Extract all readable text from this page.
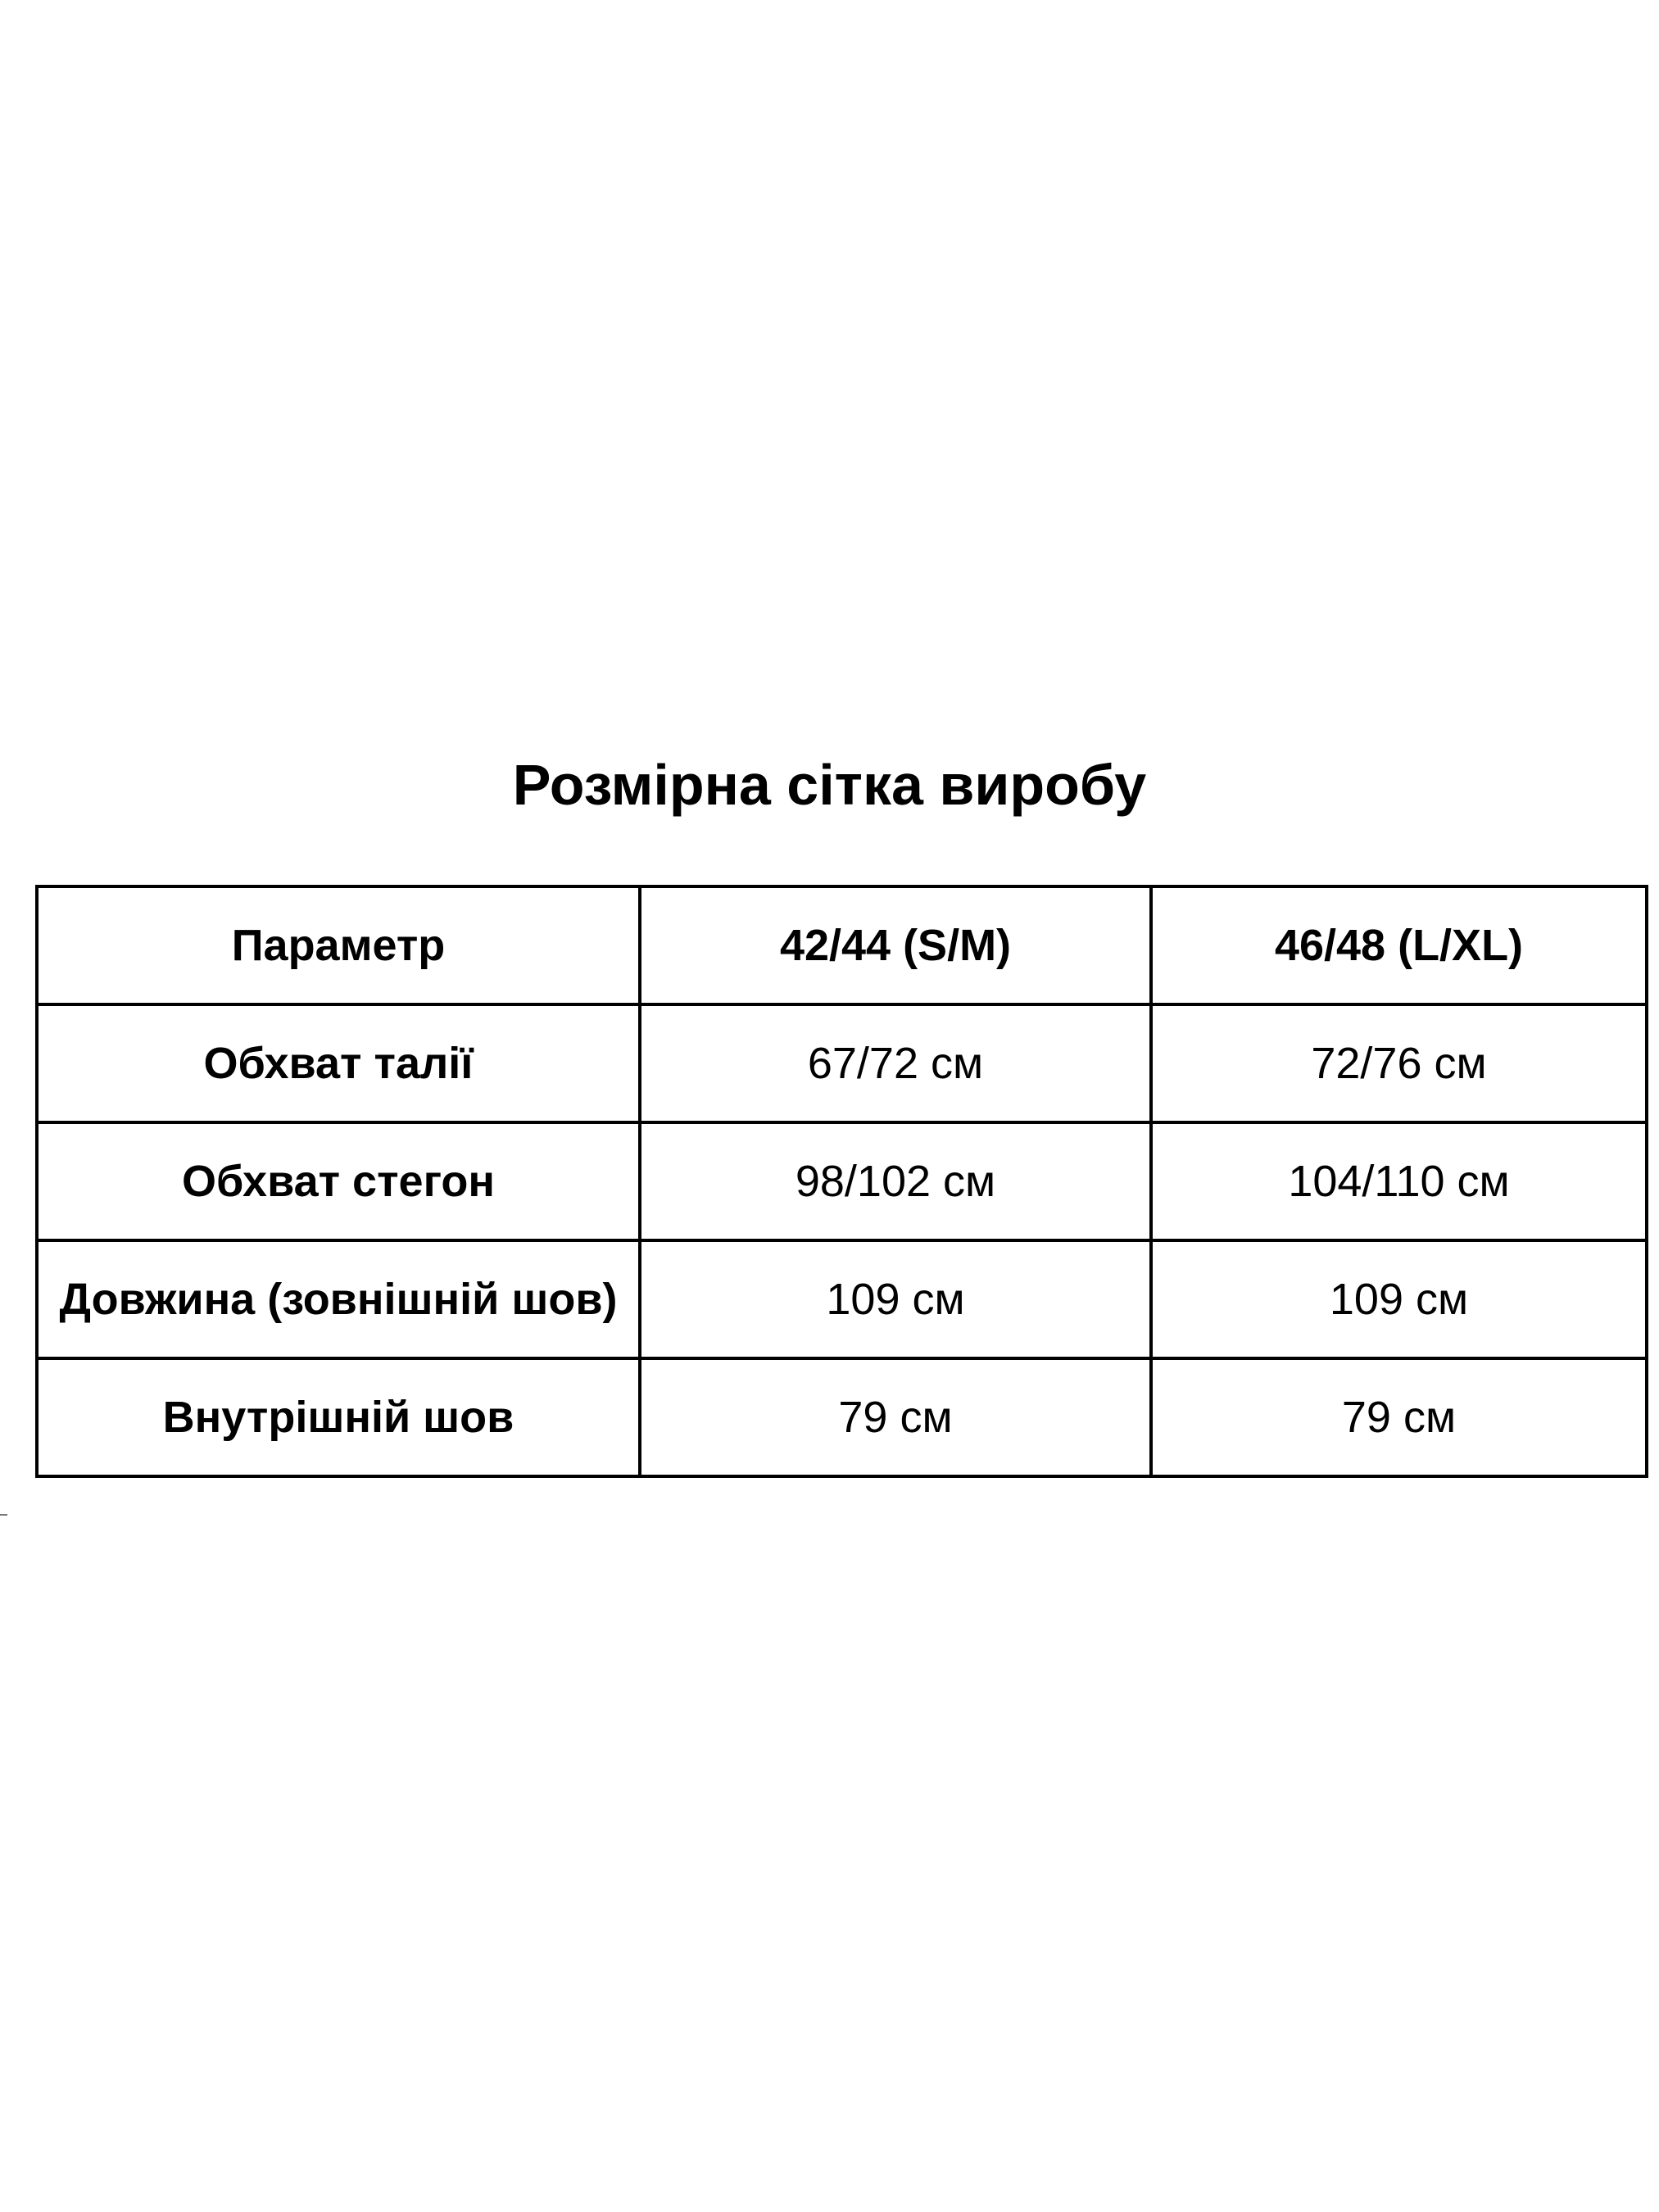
Розмірна сітка виробу
Параметр	42/44 (S/M)	46/48 (L/XL)
Обхват талії	67/72 см	72/76 см
Обхват стегон	98/102 см	104/110 см
Довжина (зовнішній шов)	109 см	109 см
Внутрішній шов	79 см	79 см
